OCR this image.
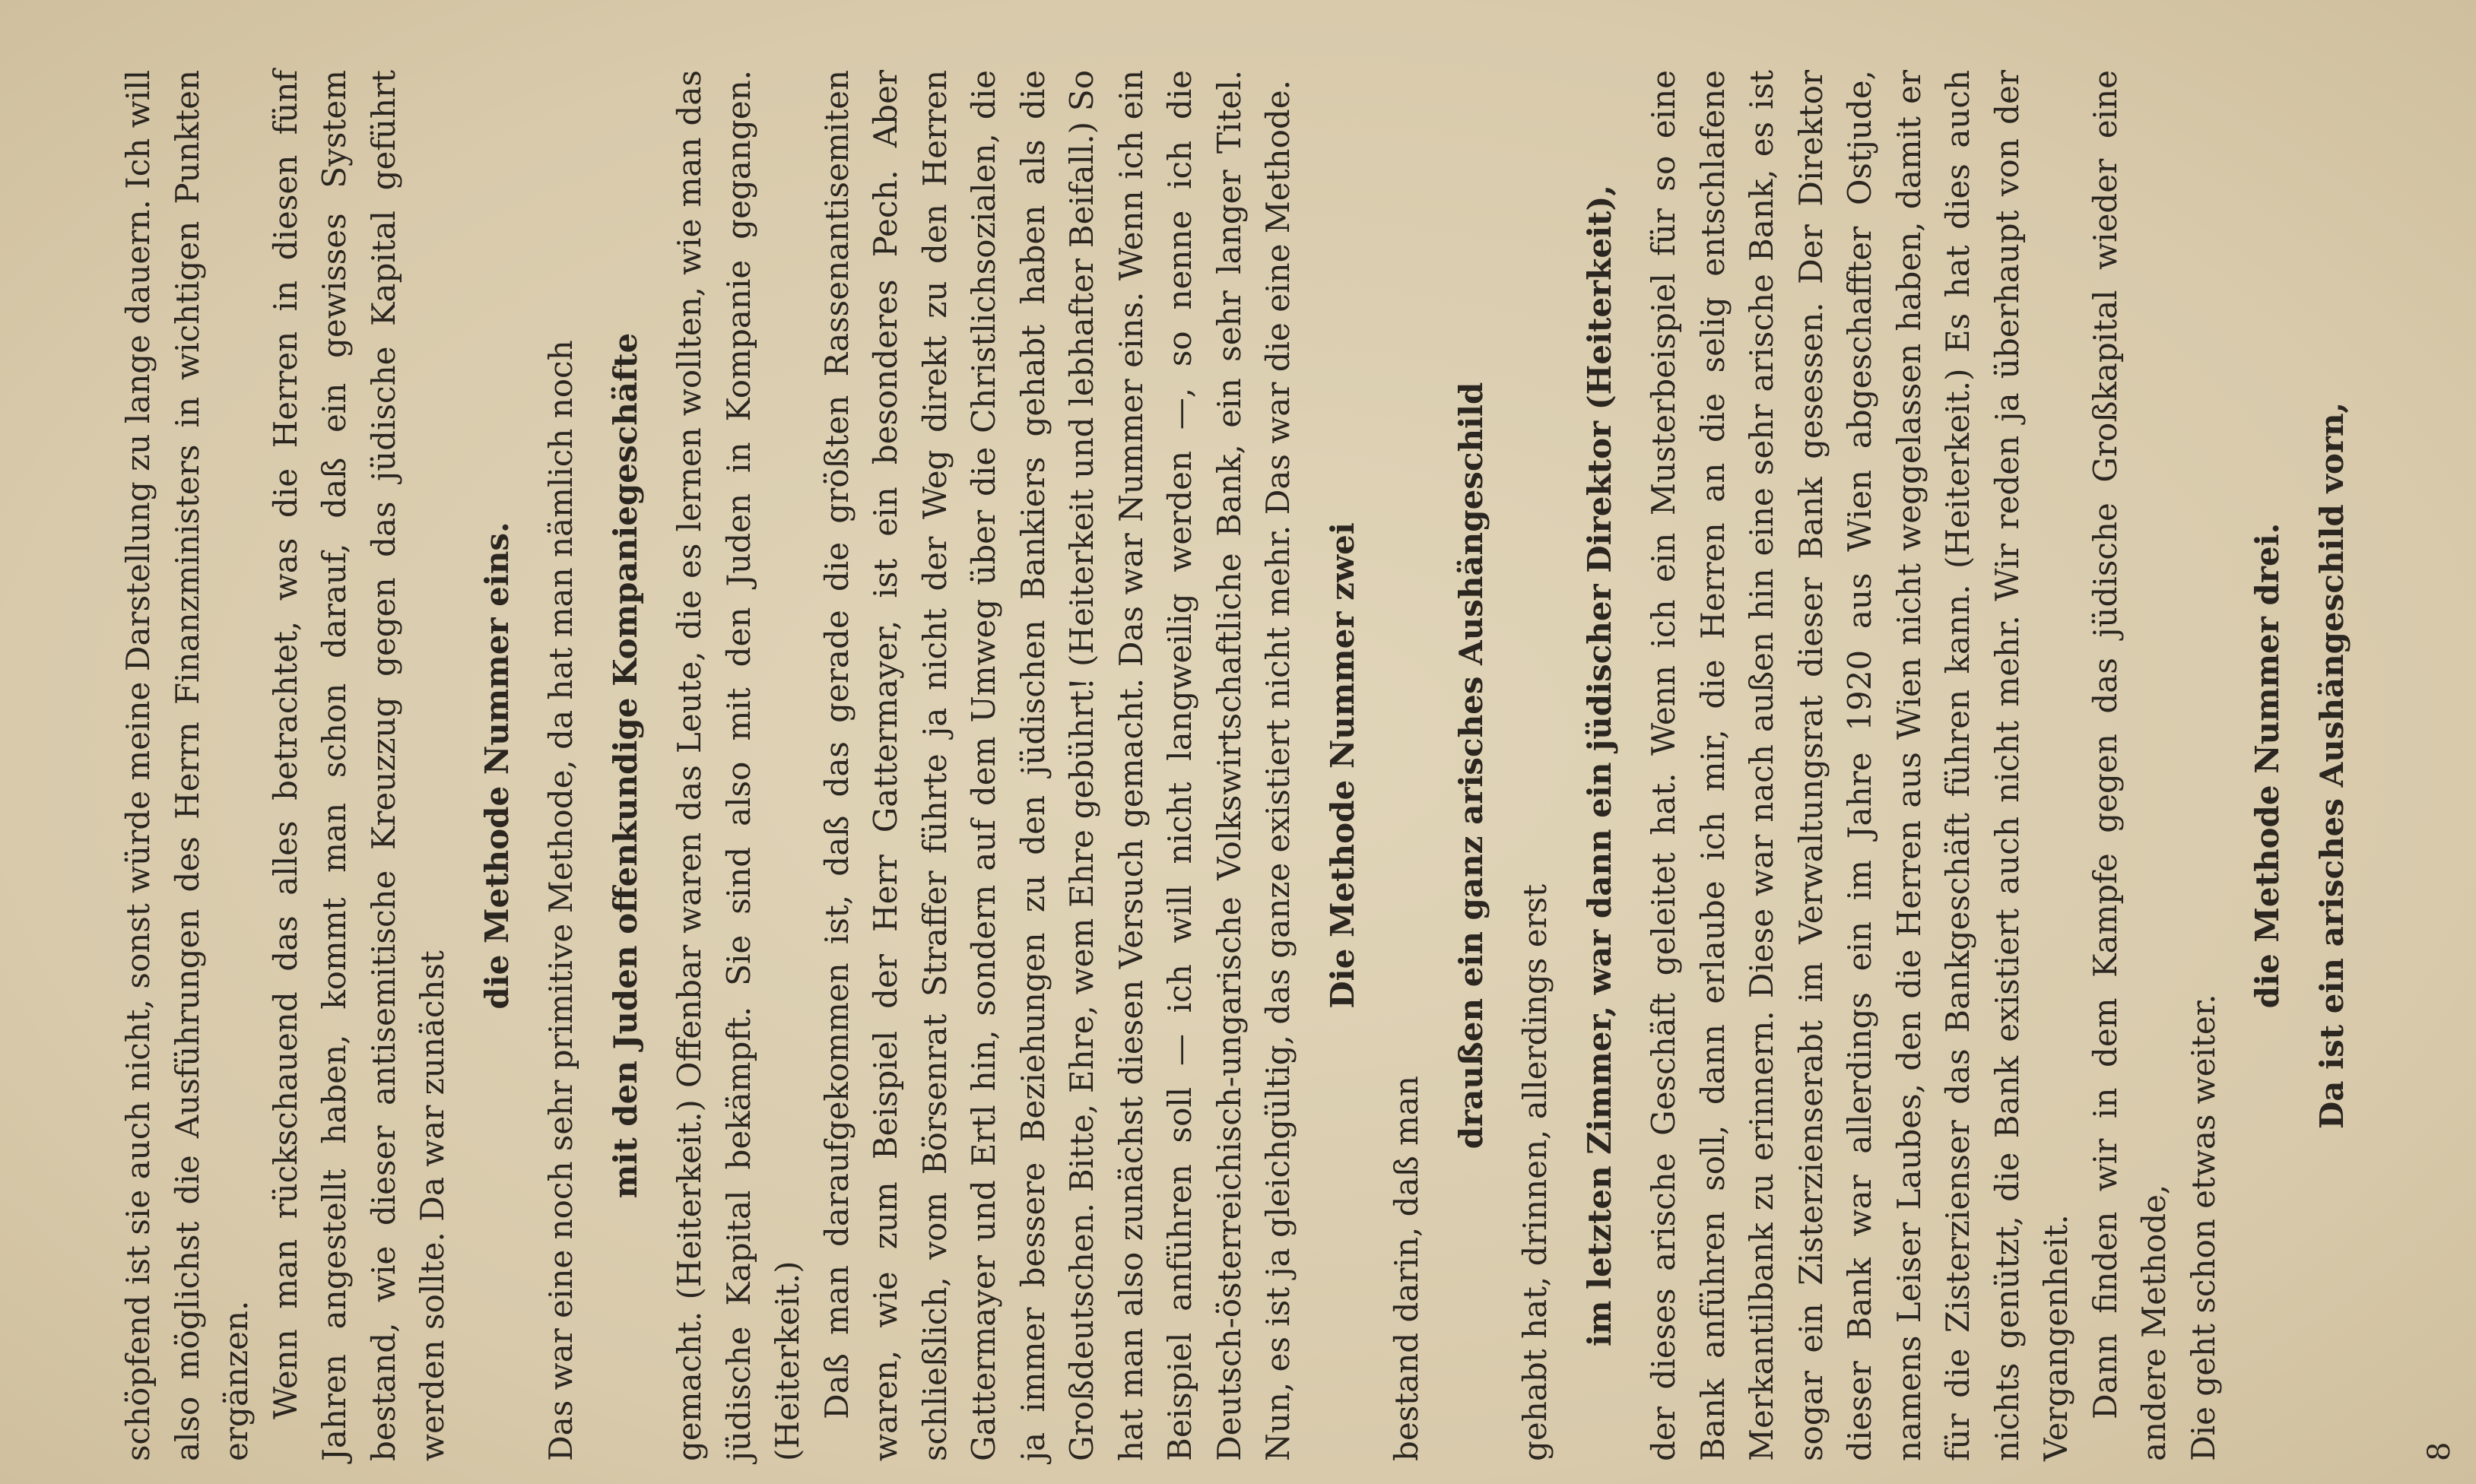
schöpfend ist sie auch nicht, sonst würde meine Darstellung zu lange dauern. Ich will also möglichst die Ausführungen des Herrn Finanzministers in wichtigen Punkten ergänzen. Wenn man rückschauend das alles betrachtet, was die Herren in diesen fünf Jahren angestellt haben, kommt man schon darauf, daß ein gewisses System bestand, wie dieser antisemitische Kreuzzug gegen das jüdische Kapital geführt werden sollte. Da war zunächst

die Methode Nummer eins. Das war eine noch sehr primitive Methode, da hat man nämlich noch mit den Juden offenkundige Kompaniegeschäfte gemacht. (Heiterkeit.) Offenbar waren das Leute, die es lernen wollten, wie man das jüdische Kapital bekämpft. Sie sind also mit den Juden in Kompanie gegangen. (Heiterkeit.) Daß man daraufgekommen ist, daß das gerade die größten Rassenantisemiten waren, wie zum Beispiel der Herr Gattermayer, ist ein besonderes Pech. Aber schließlich, vom Börsenrat Straffer führte ja nicht der Weg direkt zu den Herren Gattermayer und Ertl hin, sondern auf dem Umweg über die Christlichsozialen, die ja immer bessere Beziehungen zu den jüdischen Bankiers gehabt haben als die Großdeutschen. Bitte, Ehre, wem Ehre gebührt! (Heiterkeit und lebhafter Beifall.) So hat man also zunächst diesen Versuch gemacht. Das war Nummer eins. Wenn ich ein Beispiel anführen soll — ich will nicht langweilig werden —, so nenne ich die Deutsch-österreichisch-ungarische Volkswirtschaftliche Bank, ein sehr langer Titel. Nun, es ist ja gleichgültig, das ganze existiert nicht mehr. Das war die eine Methode. Die Methode Nummer zwei

bestand darin, daß man

draußen ein ganz arisches Aushängeschild

gehabt hat, drinnen, allerdings erst im letzten Zimmer, war dann ein jüdischer Direktor (Heiterkeit), der dieses arische Geschäft geleitet hat. Wenn ich ein Musterbeispiel für so eine Bank anführen soll, dann erlaube ich mir, die Herren an die selig entschlafene Merkantilbank zu erinnern. Diese war nach außen hin eine sehr arische Bank, es ist sogar ein Zisterzienserabt im Verwaltungsrat dieser Bank gesessen. Der Direktor dieser Bank war allerdings ein im Jahre 1920 aus Wien abgeschaffter Ostjude, namens Leiser Laubes, den die Herren aus Wien nicht weggelassen haben, damit er für die Zisterzienser das Bankgeschäft führen kann. (Heiterkeit.) Es hat dies auch nichts genützt, die Bank existiert auch nicht mehr. Wir reden ja überhaupt von der Vergangenheit. Dann finden wir in dem Kampfe gegen das jüdische Großkapital wieder eine andere Methode, Die geht schon etwas weiter.

die Methode Nummer drei. Da ist ein arisches Aushängeschild vorn,

8
